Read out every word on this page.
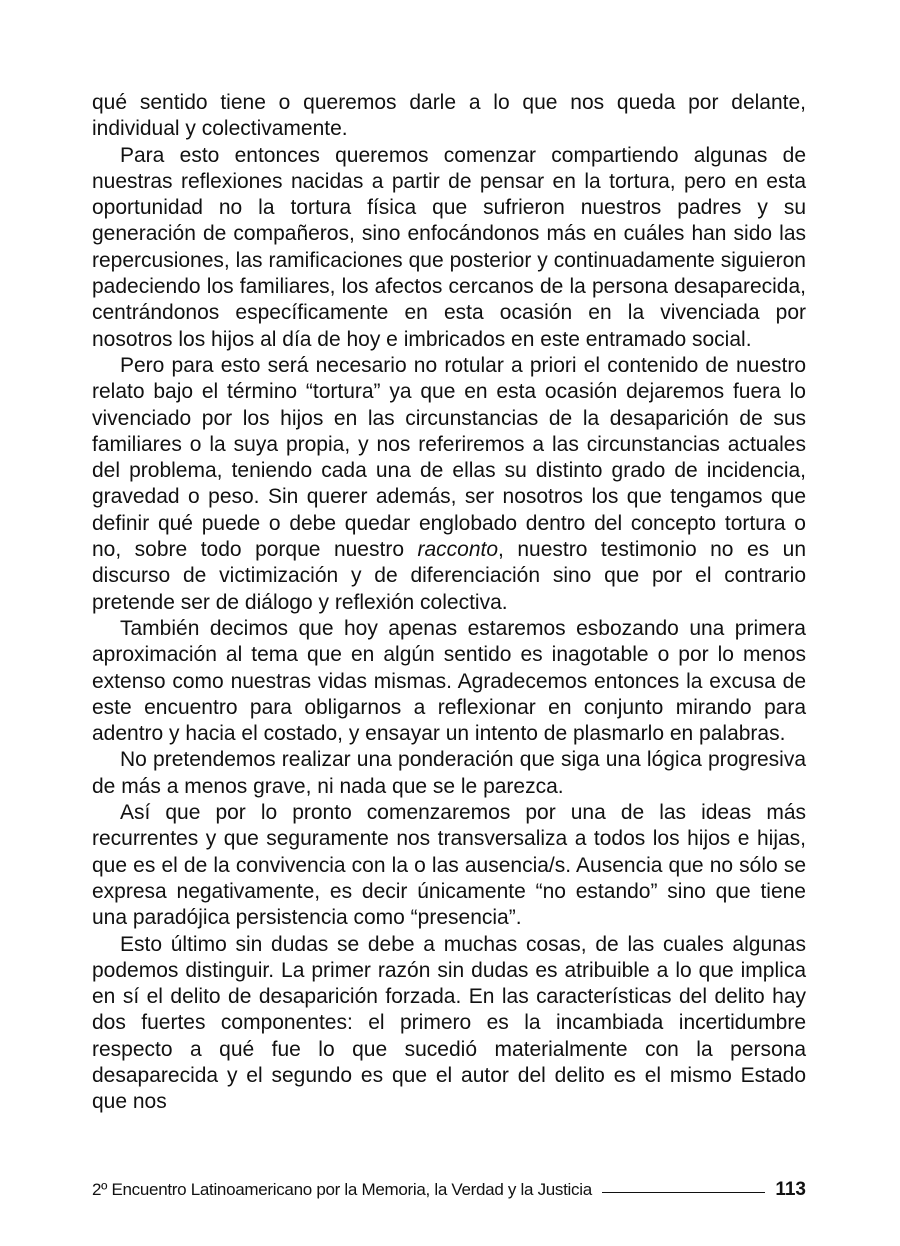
qué sentido tiene o queremos darle a lo que nos queda por delante, individual y colectivamente.

Para esto entonces queremos comenzar compartiendo algunas de nuestras reflexiones nacidas a partir de pensar en la tortura, pero en esta oportunidad no la tortura física que sufrieron nuestros padres y su generación de compañeros, sino enfocándonos más en cuáles han sido las repercusiones, las ramificaciones que posterior y continuadamente siguieron padeciendo los familiares, los afectos cercanos de la persona desaparecida, centrándonos específicamente en esta ocasión en la vivenciada por nosotros los hijos al día de hoy e imbricados en este entramado social.

Pero para esto será necesario no rotular a priori el contenido de nuestro relato bajo el término “tortura” ya que en esta ocasión dejaremos fuera lo vivenciado por los hijos en las circunstancias de la desaparición de sus familiares o la suya propia, y nos referiremos a las circunstancias actuales del problema, teniendo cada una de ellas su distinto grado de incidencia, gravedad o peso. Sin querer además, ser nosotros los que tengamos que definir qué puede o debe quedar englobado dentro del concepto tortura o no, sobre todo porque nuestro racconto, nuestro testimonio no es un discurso de victimización y de diferenciación sino que por el contrario pretende ser de diálogo y reflexión colectiva.

También decimos que hoy apenas estaremos esbozando una primera aproximación al tema que en algún sentido es inagotable o por lo menos extenso como nuestras vidas mismas. Agradecemos entonces la excusa de este encuentro para obligarnos a reflexionar en conjunto mirando para adentro y hacia el costado, y ensayar un intento de plasmarlo en palabras.

No pretendemos realizar una ponderación que siga una lógica progresiva de más a menos grave, ni nada que se le parezca.

Así que por lo pronto comenzaremos por una de las ideas más recurrentes y que seguramente nos transversaliza a todos los hijos e hijas, que es el de la convivencia con la o las ausencia/s. Ausencia que no sólo se expresa negativamente, es decir únicamente “no estando” sino que tiene una paradójica persistencia como “presencia”.

Esto último sin dudas se debe a muchas cosas, de las cuales algunas podemos distinguir. La primer razón sin dudas es atribuible a lo que implica en sí el delito de desaparición forzada. En las características del delito hay dos fuertes componentes: el primero es la incambiada incertidumbre respecto a qué fue lo que sucedió materialmente con la persona desaparecida y el segundo es que el autor del delito es el mismo Estado que nos

2º Encuentro Latinoamericano por la Memoria, la Verdad y la Justicia	113
